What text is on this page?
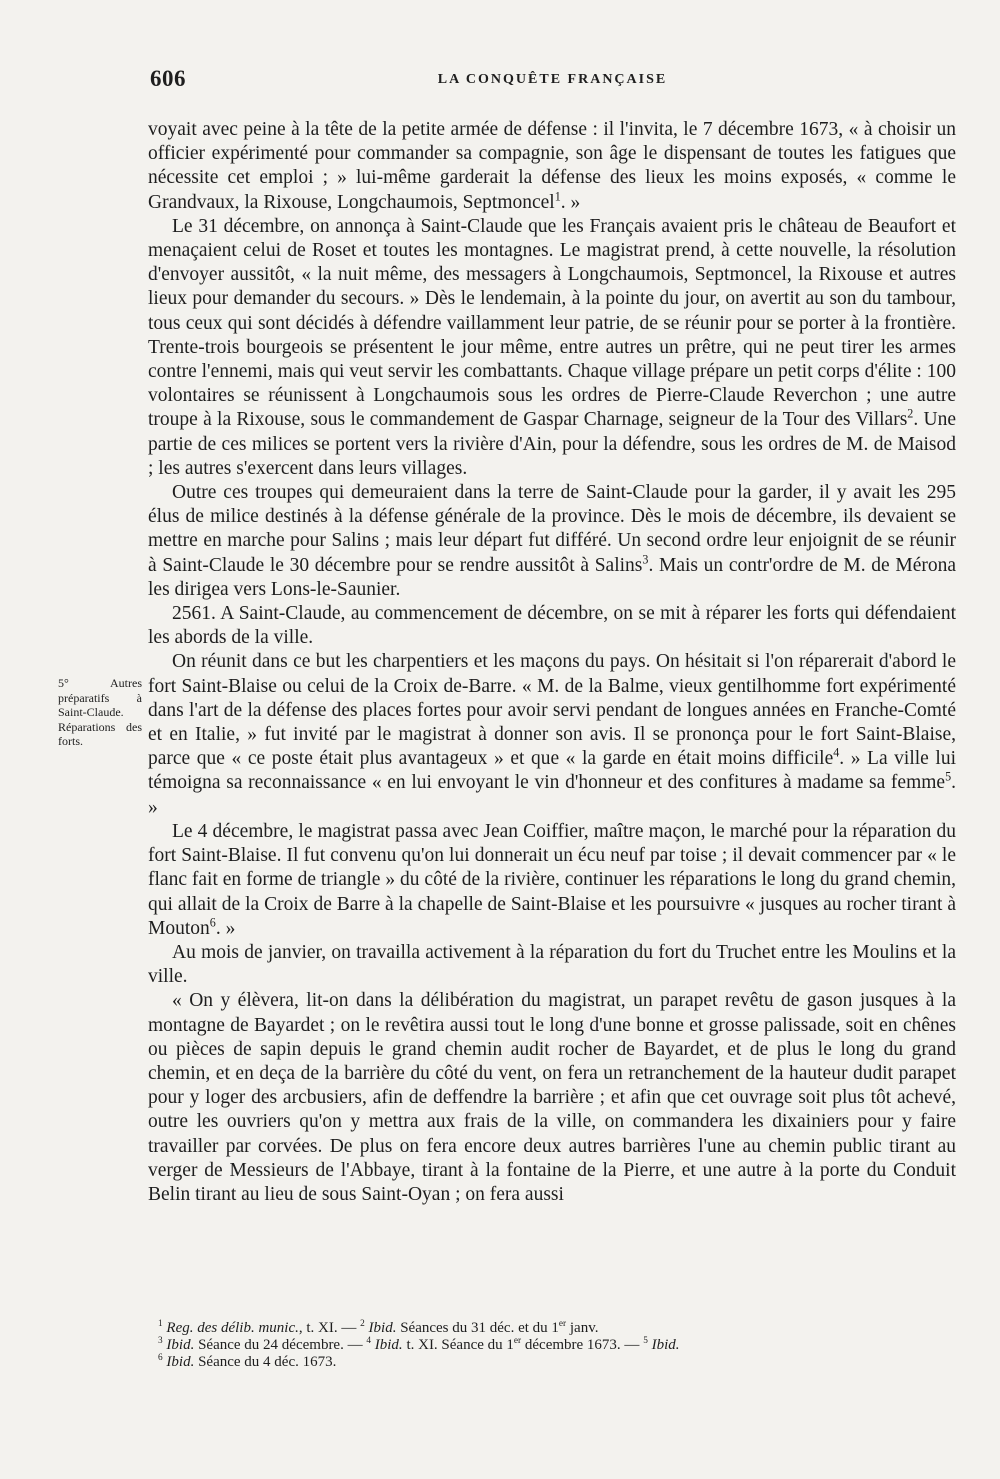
606	LA CONQUÊTE FRANÇAISE
5° Autres préparatifs à Saint-Claude. Réparations des forts.

voyait avec peine à la tête de la petite armée de défense : il l'invita, le 7 décembre 1673, « à choisir un officier expérimenté pour commander sa compagnie, son âge le dispensant de toutes les fatigues que nécessite cet emploi ; » lui-même garderait la défense des lieux les moins exposés, « comme le Grandvaux, la Rixouse, Longchaumois, Septmoncel$^1$. »

Le 31 décembre, on annonça à Saint-Claude que les Français avaient pris le château de Beaufort et menaçaient celui de Roset et toutes les montagnes. Le magistrat prend, à cette nouvelle, la résolution d'envoyer aussitôt, « la nuit même, des messagers à Longchaumois, Septmoncel, la Rixouse et autres lieux pour demander du secours. » Dès le lendemain, à la pointe du jour, on avertit au son du tambour, tous ceux qui sont décidés à défendre vaillamment leur patrie, de se réunir pour se porter à la frontière. Trente-trois bourgeois se présentent le jour même, entre autres un prêtre, qui ne peut tirer les armes contre l'ennemi, mais qui veut servir les combattants. Chaque village prépare un petit corps d'élite : 100 volontaires se réunissent à Longchaumois sous les ordres de Pierre-Claude Reverchon ; une autre troupe à la Rixouse, sous le commandement de Gaspar Charnage, seigneur de la Tour des Villars$^2$. Une partie de ces milices se portent vers la rivière d'Ain, pour la défendre, sous les ordres de M. de Maisod ; les autres s'exercent dans leurs villages.

Outre ces troupes qui demeuraient dans la terre de Saint-Claude pour la garder, il y avait les 295 élus de milice destinés à la défense générale de la province. Dès le mois de décembre, ils devaient se mettre en marche pour Salins ; mais leur départ fut différé. Un second ordre leur enjoignit de se réunir à Saint-Claude le 30 décembre pour se rendre aussitôt à Salins$^3$. Mais un contr'ordre de M. de Mérona les dirigea vers Lons-le-Saunier.

2561. A Saint-Claude, au commencement de décembre, on se mit à réparer les forts qui défendaient les abords de la ville.

On réunit dans ce but les charpentiers et les maçons du pays. On hésitait si l'on réparerait d'abord le fort Saint-Blaise ou celui de la Croix de-Barre. « M. de la Balme, vieux gentilhomme fort expérimenté dans l'art de la défense des places fortes pour avoir servi pendant de longues années en Franche-Comté et en Italie, » fut invité par le magistrat à donner son avis. Il se prononça pour le fort Saint-Blaise, parce que « ce poste était plus avantageux » et que « la garde en était moins difficile$^4$. » La ville lui témoigna sa reconnaissance « en lui envoyant le vin d'honneur et des confitures à madame sa femme$^5$. »

Le 4 décembre, le magistrat passa avec Jean Coiffier, maître maçon, le marché pour la réparation du fort Saint-Blaise. Il fut convenu qu'on lui donnerait un écu neuf par toise ; il devait commencer par « le flanc fait en forme de triangle » du côté de la rivière, continuer les réparations le long du grand chemin, qui allait de la Croix de Barre à la chapelle de Saint-Blaise et les poursuivre « jusques au rocher tirant à Mouton$^6$. »

Au mois de janvier, on travailla activement à la réparation du fort du Truchet entre les Moulins et la ville.

« On y élèvera, lit-on dans la délibération du magistrat, un parapet revêtu de gason jusques à la montagne de Bayardet ; on le revêtira aussi tout le long d'une bonne et grosse palissade, soit en chênes ou pièces de sapin depuis le grand chemin audit rocher de Bayardet, et de plus le long du grand chemin, et en deça de la barrière du côté du vent, on fera un retranchement de la hauteur dudit parapet pour y loger des arcbusiers, afin de deffendre la barrière ; et afin que cet ouvrage soit plus tôt achevé, outre les ouvriers qu'on y mettra aux frais de la ville, on commandera les dixainiers pour y faire travailler par corvées. De plus on fera encore deux autres barrières l'une au chemin public tirant au verger de Messieurs de l'Abbaye, tirant à la fontaine de la Pierre, et une autre à la porte du Conduit Belin tirant au lieu de sous Saint-Oyan ; on fera aussi

$^1$ Reg. des délib. munic., t. XI. — $^2$ Ibid. Séances du 31 déc. et du 1er janv.
$^3$ Ibid. Séance du 24 décembre. — $^4$ Ibid. t. XI. Séance du 1er décembre 1673. — $^5$ Ibid.
$^6$ Ibid. Séance du 4 déc. 1673.
